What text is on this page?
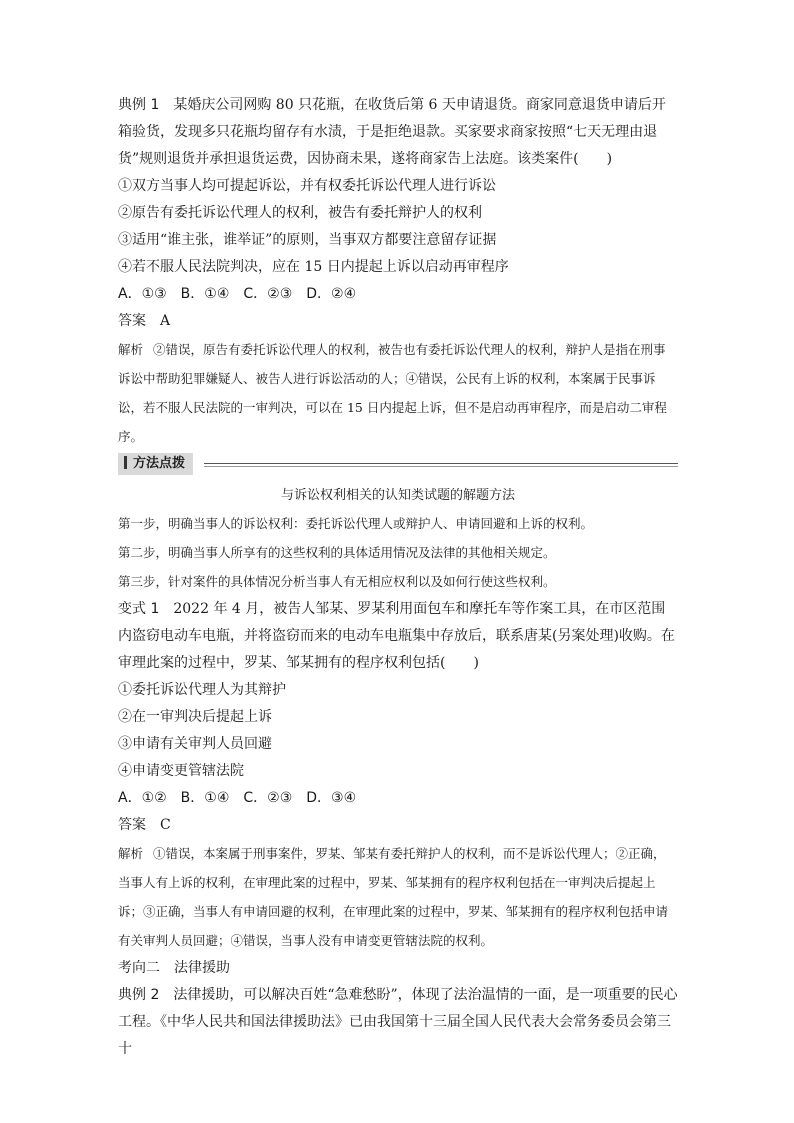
典例 1　 某婚庆公司网购 80 只花瓶，在收货后第 6 天申请退货。商家同意退货申请后开箱验货，发现多只花瓶均留存有水渍，于是拒绝退款。买家要求商家按照“七天无理由退货”规则退货并承担退货运费，因协商未果，遂将商家告上法庭。该类案件(　　)

①双方当事人均可提起诉讼，并有权委托诉讼代理人进行诉讼

②原告有委托诉讼代理人的权利，被告有委托辩护人的权利

③适用“谁主张，谁举证”的原则，当事双方都要注意留存证据

④若不服人民法院判决，应在 15 日内提起上诉以启动再审程序

A．①③　B．①④　C．②③　D．②④

答案 A

解析 ②错误，原告有委托诉讼代理人的权利，被告也有委托诉讼代理人的权利，辩护人是指在刑事诉讼中帮助犯罪嫌疑人、被告人进行诉讼活动的人；④错误，公民有上诉的权利，本案属于民事诉讼，若不服人民法院的一审判决，可以在 15 日内提起上诉，但不是启动再审程序，而是启动二审程序。

方法点拨

与诉讼权利相关的认知类试题的解题方法

第一步，明确当事人的诉讼权利：委托诉讼代理人或辩护人、申请回避和上诉的权利。

第二步，明确当事人所享有的这些权利的具体适用情况及法律的其他相关规定。

第三步，针对案件的具体情况分析当事人有无相应权利以及如何行使这些权利。

变式 1　 2022 年 4 月，被告人邹某、罗某利用面包车和摩托车等作案工具，在市区范围内盗窃电动车电瓶，并将盗窃而来的电动车电瓶集中存放后，联系唐某(另案处理)收购。在审理此案的过程中，罗某、邹某拥有的程序权利包括(　　)

①委托诉讼代理人为其辩护

②在一审判决后提起上诉

③申请有关审判人员回避

④申请变更管辖法院

A．①②　B．①④　C．②③　D．③④

答案 C

解析 ①错误，本案属于刑事案件，罗某、邹某有委托辩护人的权利，而不是诉讼代理人；②正确，当事人有上诉的权利，在审理此案的过程中，罗某、邹某拥有的程序权利包括在一审判决后提起上诉；③正确，当事人有申请回避的权利，在审理此案的过程中，罗某、邹某拥有的程序权利包括申请有关审判人员回避；④错误，当事人没有申请变更管辖法院的权利。

考向二　法律援助

典例 2　 法律援助，可以解决百姓“急难愁盼”，体现了法治温情的一面，是一项重要的民心工程。《中华人民共和国法律援助法》已由我国第十三届全国人民代表大会常务委员会第三十
